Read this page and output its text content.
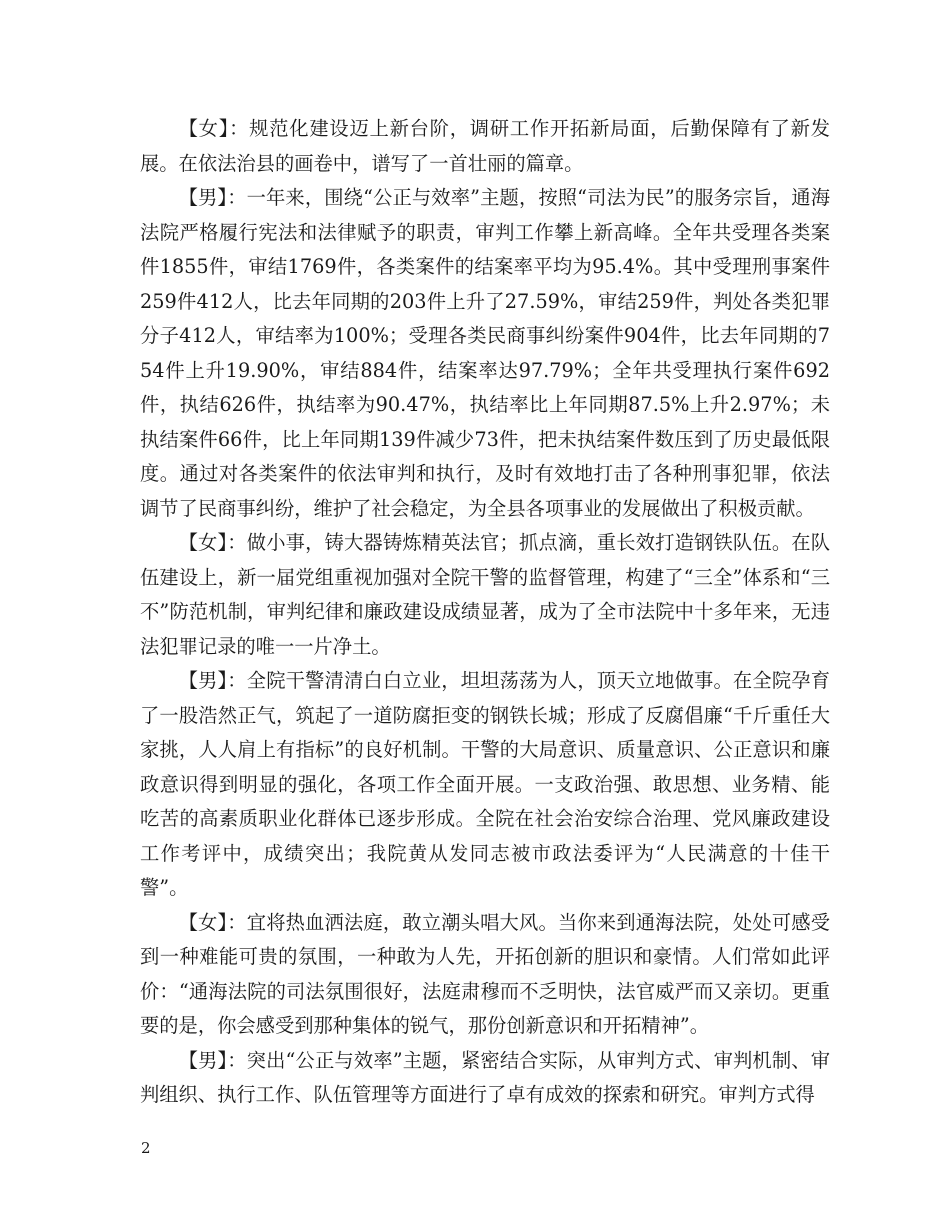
【女】：规范化建设迈上新台阶，调研工作开拓新局面，后勤保障有了新发展。在依法治县的画卷中，谱写了一首壮丽的篇章。

【男】：一年来，围绕“公正与效率”主题，按照“司法为民”的服务宗旨，通海法院严格履行宪法和法律赋予的职责，审判工作攀上新高峰。全年共受理各类案件1855件，审结1769件，各类案件的结案率平均为95.4%。其中受理刑事案件259件412人，比去年同期的203件上升了27.59%，审结259件，判处各类犯罪分子412人，审结率为100%；受理各类民商事纠纷案件904件，比去年同期的754件上升19.90%，审结884件，结案率达97.79%；全年共受理执行案件692件，执结626件，执结率为90.47%，执结率比上年同期87.5%上升2.97%；未执结案件66件，比上年同期139件减少73件，把未执结案件数压到了历史最低限度。通过对各类案件的依法审判和执行，及时有效地打击了各种刑事犯罪，依法调节了民商事纠纷，维护了社会稳定，为全县各项事业的发展做出了积极贡献。

【女】：做小事，铸大器铸炼精英法官；抓点滴，重长效打造钢铁队伍。在队伍建设上，新一届党组重视加强对全院干警的监督管理，构建了“三全”体系和“三不”防范机制，审判纪律和廉政建设成绩显著，成为了全市法院中十多年来，无违法犯罪记录的唯一一片净土。

【男】：全院干警清清白白立业，坦坦荡荡为人，顶天立地做事。在全院孕育了一股浩然正气，筑起了一道防腐拒变的钢铁长城；形成了反腐倡廉“千斤重任大家挑，人人肩上有指标”的良好机制。干警的大局意识、质量意识、公正意识和廉政意识得到明显的强化，各项工作全面开展。一支政治强、敢思想、业务精、能吃苦的高素质职业化群体已逐步形成。全院在社会治安综合治理、党风廉政建设工作考评中，成绩突出；我院黄从发同志被市政法委评为“人民满意的十佳干警”。

【女】：宜将热血洒法庭，敢立潮头唱大风。当你来到通海法院，处处可感受到一种难能可贵的氛围，一种敢为人先，开拓创新的胆识和豪情。人们常如此评价：“通海法院的司法氛围很好，法庭肃穆而不乏明快，法官威严而又亲切。更重要的是，你会感受到那种集体的锐气，那份创新意识和开拓精神”。

【男】：突出“公正与效率”主题，紧密结合实际，从审判方式、审判机制、审判组织、执行工作、队伍管理等方面进行了卓有成效的探索和研究。审判方式得

2
